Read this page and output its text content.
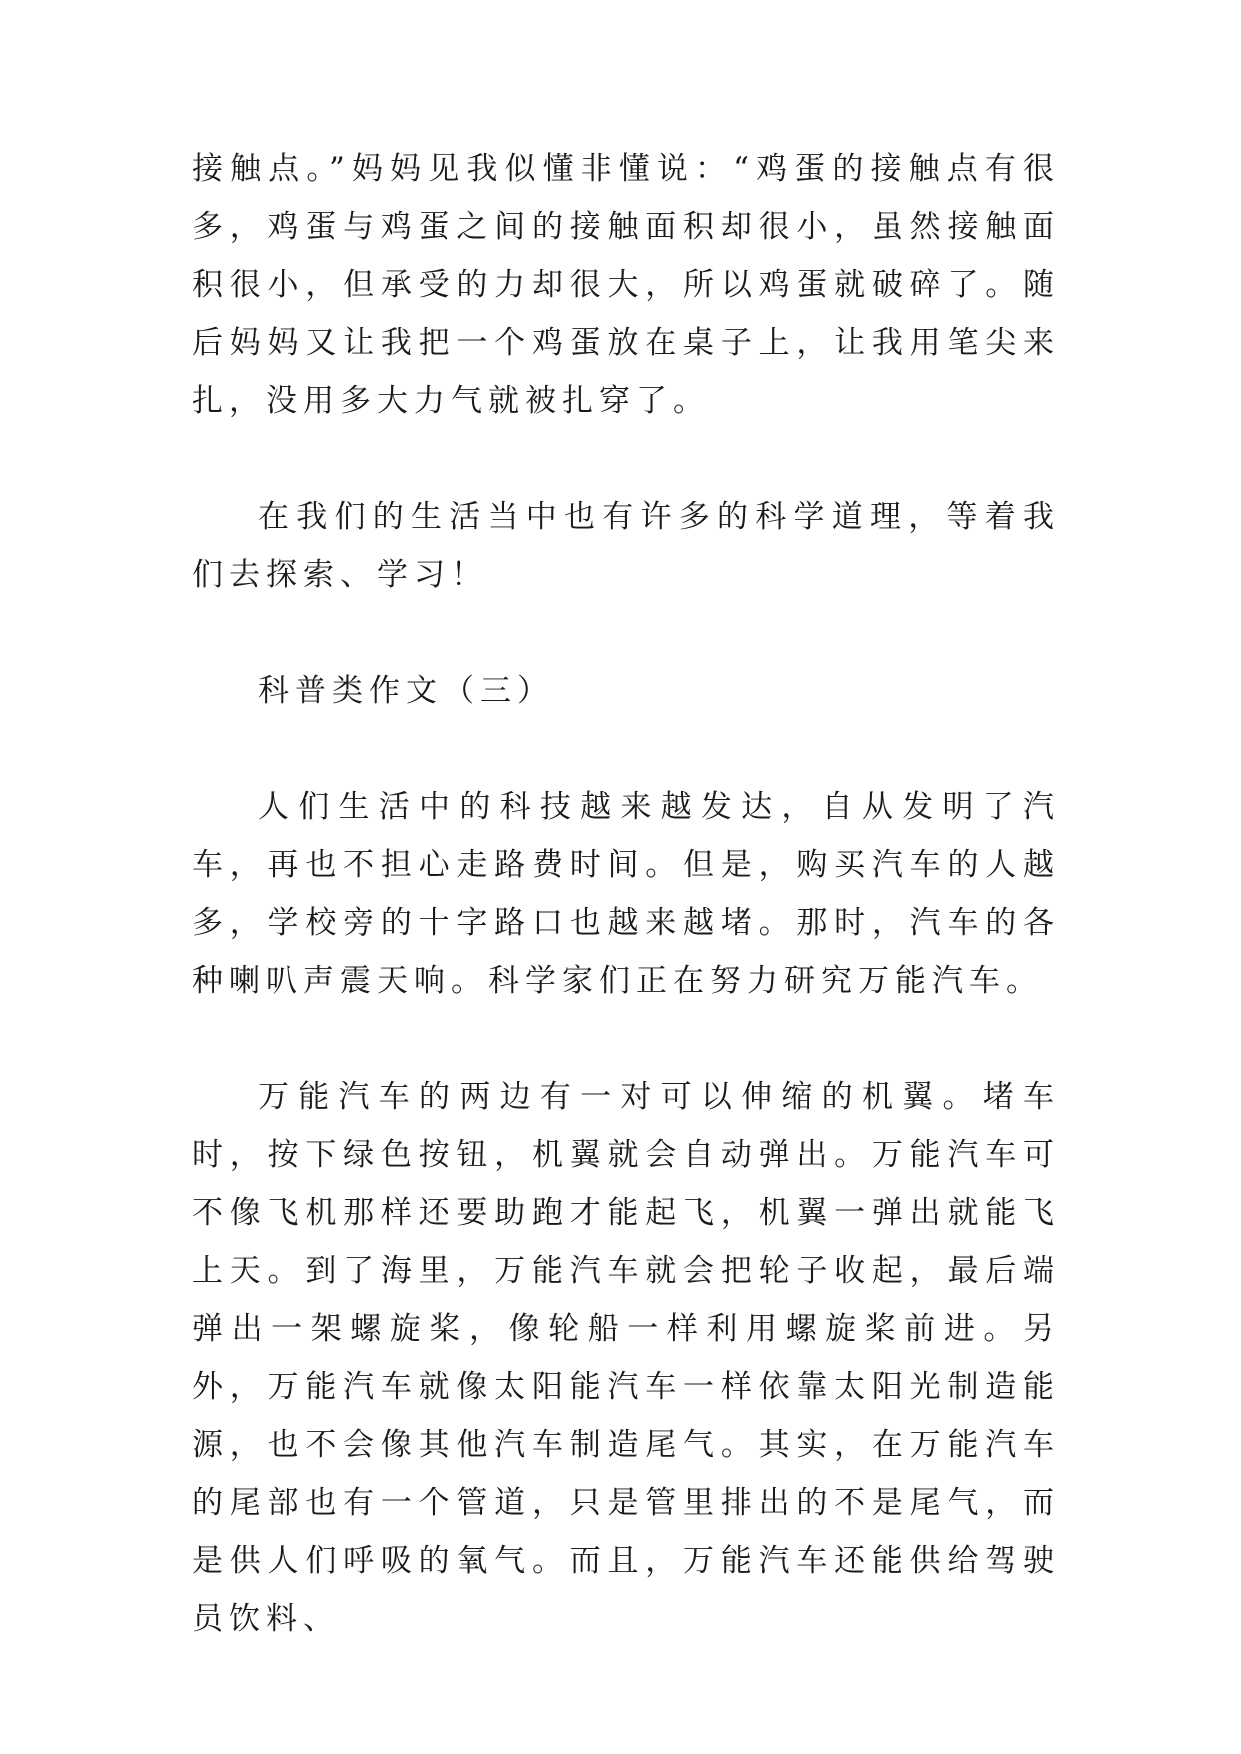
接触点。”妈妈见我似懂非懂说：“鸡蛋的接触点有很多，鸡蛋与鸡蛋之间的接触面积却很小，虽然接触面积很小，但承受的力却很大，所以鸡蛋就破碎了。随后妈妈又让我把一个鸡蛋放在桌子上，让我用笔尖来扎，没用多大力气就被扎穿了。

在我们的生活当中也有许多的科学道理，等着我们去探索、学习！

科普类作文（三）

人们生活中的科技越来越发达，自从发明了汽车，再也不担心走路费时间。但是，购买汽车的人越多，学校旁的十字路口也越来越堵。那时，汽车的各种喇叭声震天响。科学家们正在努力研究万能汽车。

万能汽车的两边有一对可以伸缩的机翼。堵车时，按下绿色按钮，机翼就会自动弹出。万能汽车可不像飞机那样还要助跑才能起飞，机翼一弹出就能飞上天。到了海里，万能汽车就会把轮子收起，最后端弹出一架螺旋桨，像轮船一样利用螺旋桨前进。另外，万能汽车就像太阳能汽车一样依靠太阳光制造能源，也不会像其他汽车制造尾气。其实，在万能汽车的尾部也有一个管道，只是管里排出的不是尾气，而是供人们呼吸的氧气。而且，万能汽车还能供给驾驶员饮料、
